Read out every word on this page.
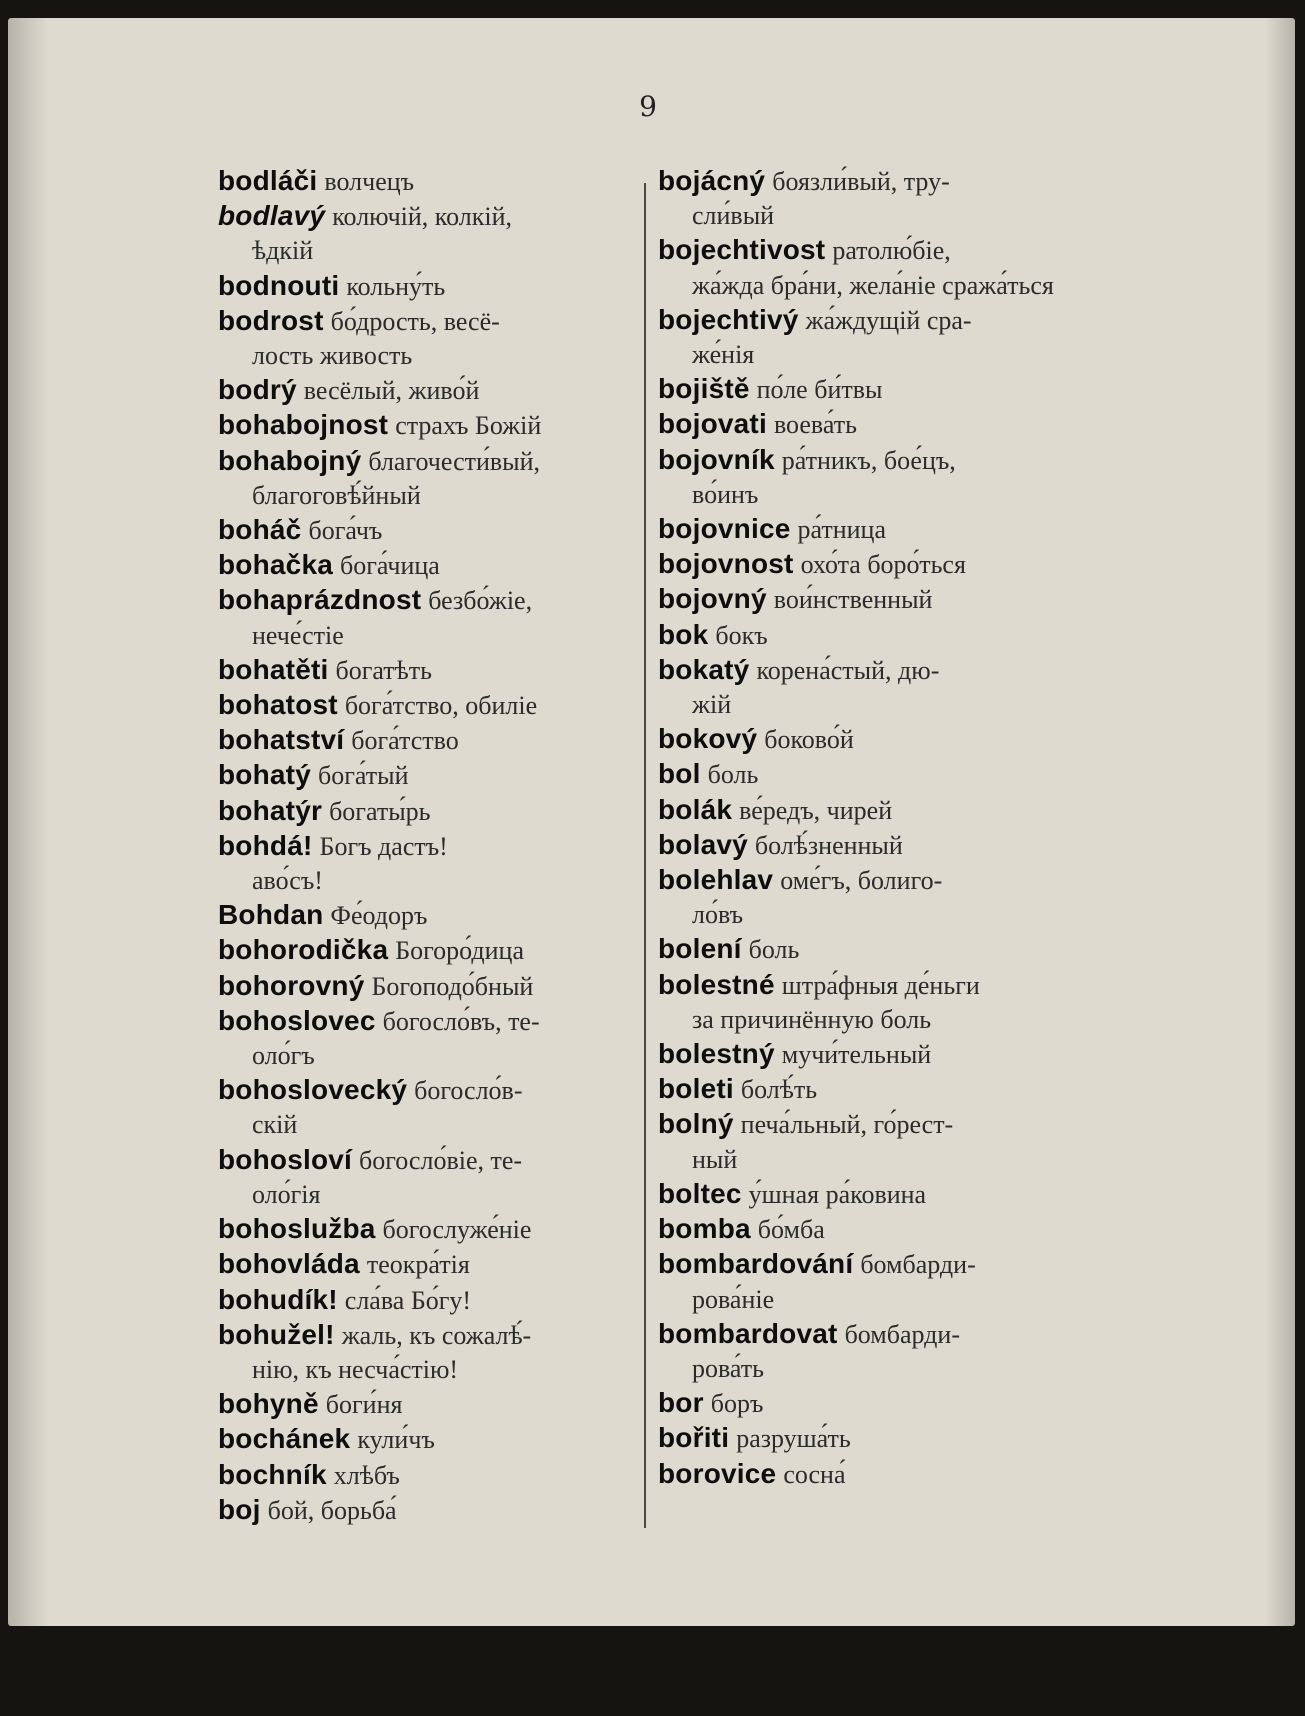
9
bodláči волчецъ
bodlavý колючій, колкій,
ѣдкій
bodnouti кольну́ть
bodrost бо́дрость, весё-
лость живость
bodrý весёлый, живо́й
bohabojnost страхъ Божій
bohabojný благочести́вый,
благоговѣ́йный
boháč бога́чъ
bohačka бога́чица
bohaprázdnost безбо́жіе,
нече́стіе
bohatěti богатѣть
bohatost бога́тство, обиліе
bohatství бога́тство
bohatý бога́тый
bohatýr богаты́рь
bohdá! Богъ дастъ!
аво́съ!
Bohdan Фе́одоръ
bohorodička Богоро́дица
bohorovný Богоподо́бный
bohoslovec богосло́въ, те-
оло́гъ
bohoslovecký богосло́в-
скій
bohosloví богосло́віе, те-
оло́гія
bohoslužba богослуже́ніе
bohovláda теокра́тія
bohudík! сла́ва Бо́гу!
bohužel! жаль, къ сожалѣ́-
нію, къ несча́стію!
bohyně боги́ня
bochánek кули́чъ
bochník хлѣбъ
boj бой, борьба́
bojácný боязли́вый, тру-
сли́вый
bojechtivost ратолю́біе,
жа́жда бра́ни, жела́ніе сража́ться
bojechtivý жа́ждущій сра-
же́нія
bojiště по́ле би́твы
bojovati воева́ть
bojovník ра́тникъ, бое́цъ,
во́инъ
bojovnice ра́тница
bojovnost охо́та боро́ться
bojovný вои́нственный
bok бокъ
bokatý корена́стый, дю-
жій
bokový боково́й
bol боль
bolák ве́редъ, чирей
bolavý болѣ́зненный
bolehlav оме́гъ, болиго-
ло́въ
bolení боль
bolestné штра́фныя де́ньги
за причинённую боль
bolestný мучи́тельный
boleti болѣ́ть
bolný печа́льный, го́рест-
ный
boltec у́шная ра́ковина
bomba бо́мба
bombardování бомбарди-
рова́ніе
bombardovat бомбарди-
рова́ть
bor боръ
bořiti разруша́ть
borovice сосна́
